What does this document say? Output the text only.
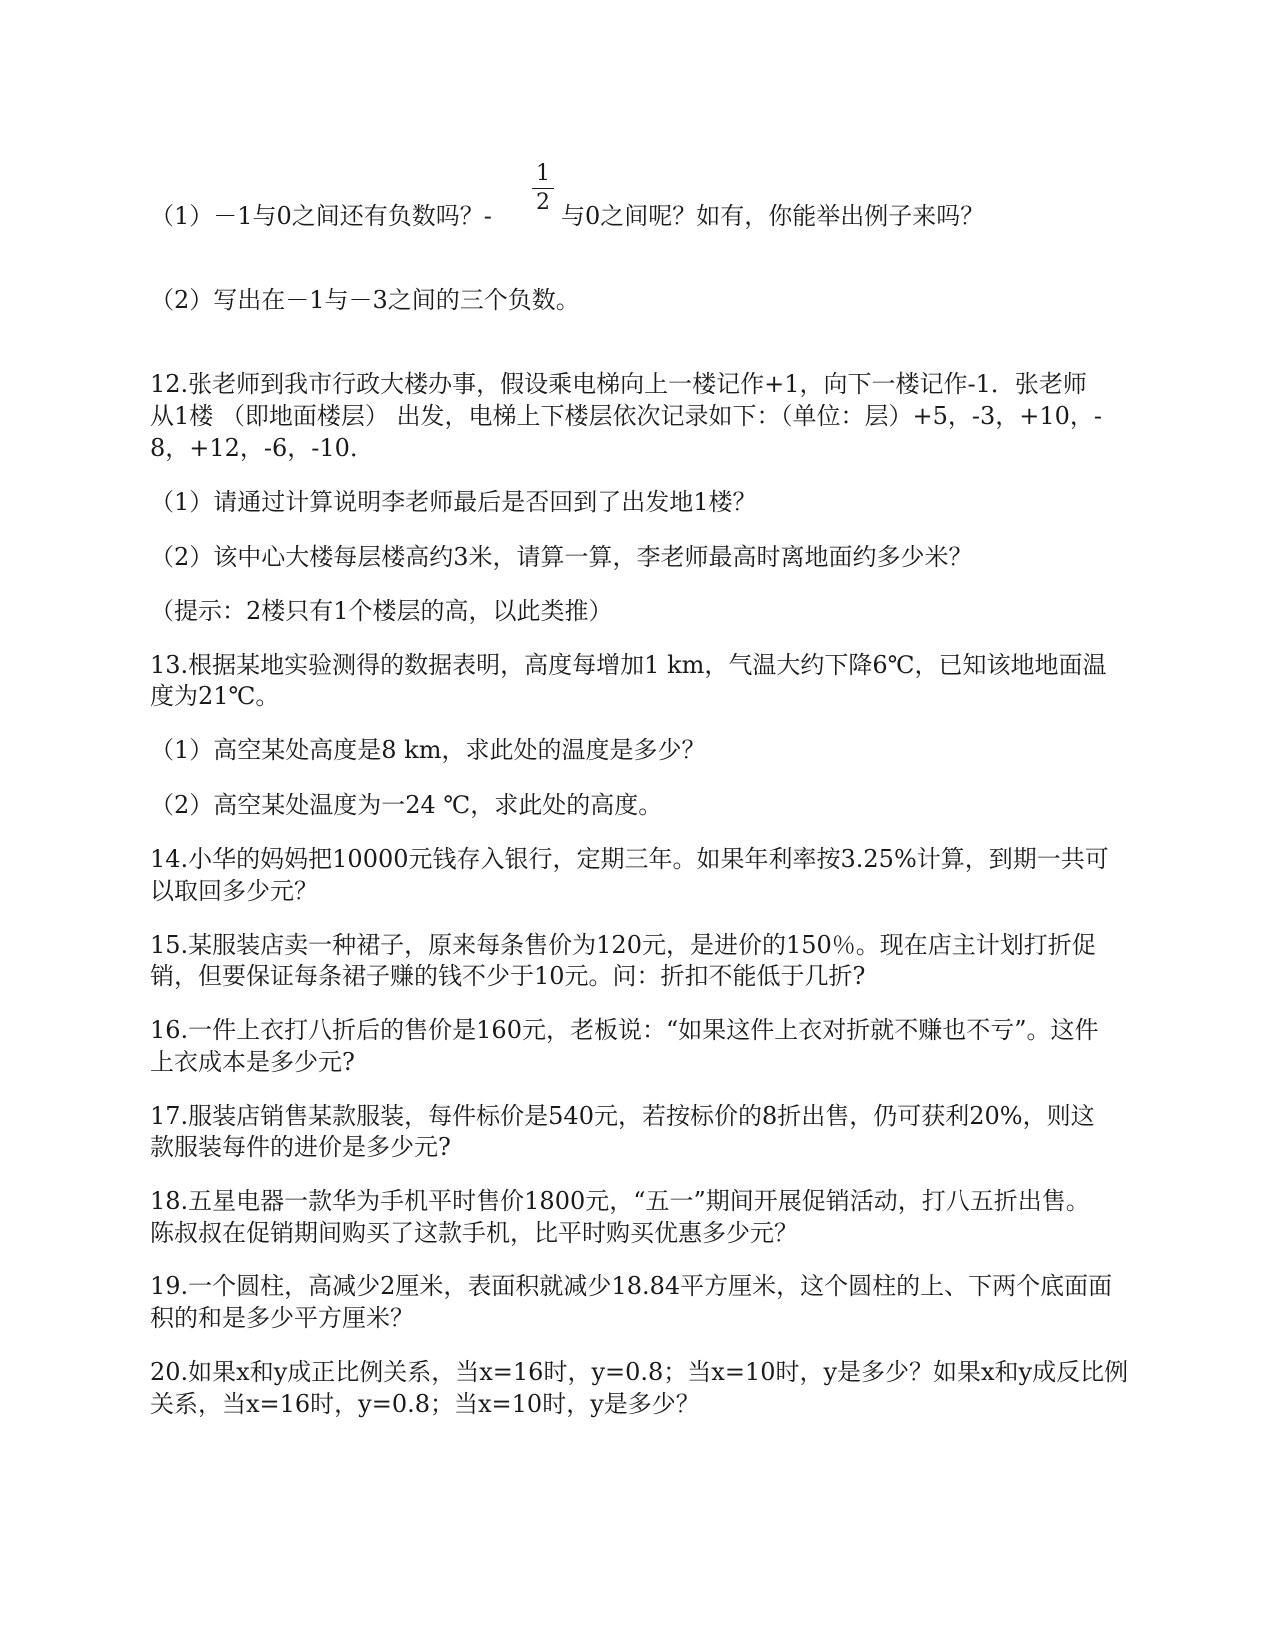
（1）－1与0之间还有负数吗？-
1
2 与0之间呢？如有，你能举出例子来吗？
（2）写出在－1与－3之间的三个负数。
12.张老师到我市行政大楼办事，假设乘电梯向上一楼记作+1，向下一楼记作-1．张老师
从1楼 （即地面楼层） 出发，电梯上下楼层依次记录如下：（单位：层）+5，-3，+10，-
8，+12，-6，-10．
（1）请通过计算说明李老师最后是否回到了出发地1楼？
（2）该中心大楼每层楼高约3米，请算一算，李老师最高时离地面约多少米？
（提示：2楼只有1个楼层的高，以此类推）
13.根据某地实验测得的数据表明，高度每增加1 km，气温大约下降6℃，已知该地地面温
度为21℃。
（1）高空某处高度是8 km，求此处的温度是多少？
（2）高空某处温度为一24 ℃，求此处的高度。
14.小华的妈妈把10000元钱存入银行，定期三年。如果年利率按3.25%计算，到期一共可
以取回多少元？
15.某服装店卖一种裙子，原来每条售价为120元，是进价的150％。现在店主计划打折促
销，但要保证每条裙子赚的钱不少于10元。问：折扣不能低于几折?
16.一件上衣打八折后的售价是160元，老板说：“如果这件上衣对折就不赚也不亏”。这件
上衣成本是多少元?
17.服装店销售某款服装，每件标价是540元，若按标价的8折出售，仍可获利20%，则这
款服装每件的进价是多少元?
18.五星电器一款华为手机平时售价1800元，“五一”期间开展促销活动，打八五折出售。
陈叔叔在促销期间购买了这款手机，比平时购买优惠多少元？
19.一个圆柱，高减少2厘米，表面积就减少18.84平方厘米，这个圆柱的上、下两个底面面
积的和是多少平方厘米？
20.如果x和y成正比例关系，当x=16时，y=0.8；当x=10时，y是多少？如果x和y成反比例
关系，当x=16时，y=0.8；当x=10时，y是多少？
